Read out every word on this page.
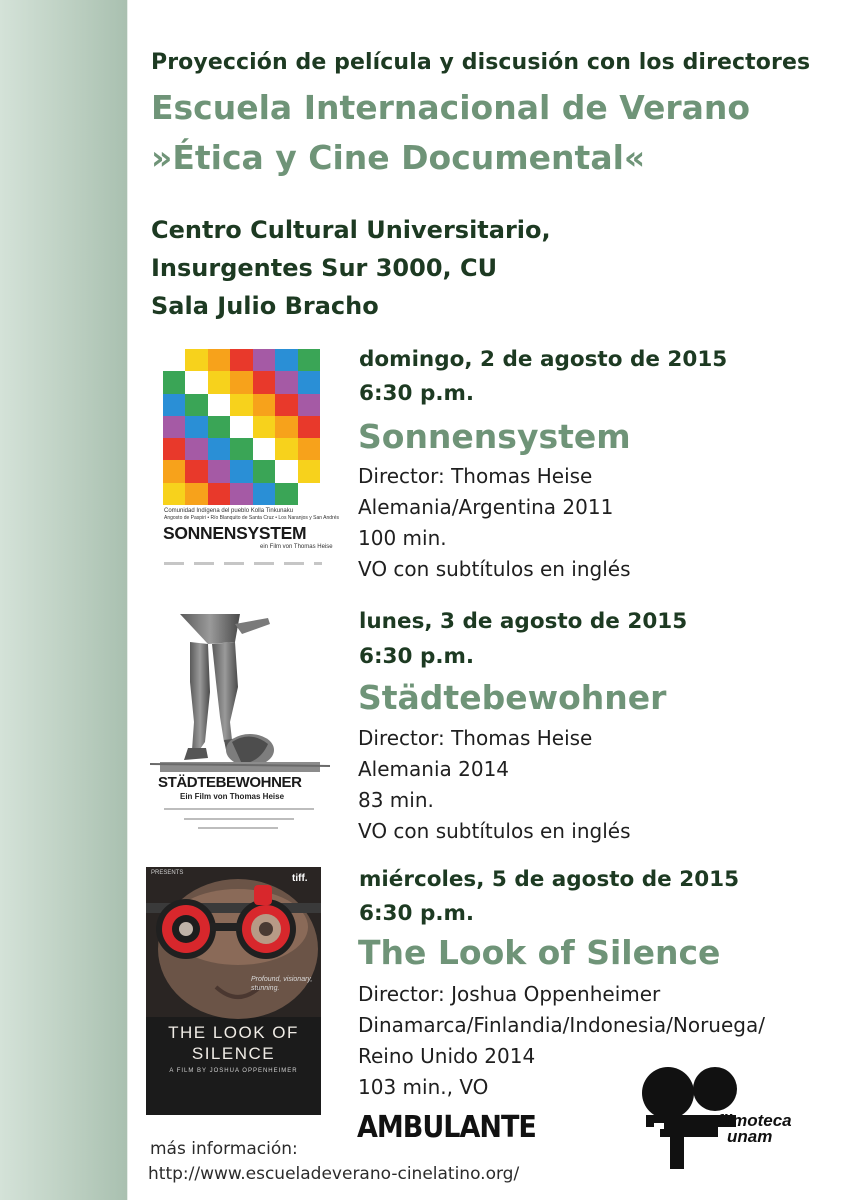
Proyección de película y discusión con los directores
Escuela Internacional de Verano
»Ética y Cine Documental«
Centro Cultural Universitario,
Insurgentes Sur 3000, CU
Sala Julio Bracho
Comunidad Indígena del pueblo Kolla Tinkunaku
Angosto de Paspiri • Río Blanquito de Santa Cruz • Los Naranjos y San Andrés
SONNENSYSTEM
ein Film von Thomas Heise
domingo, 2 de agosto de 2015
6:30 p.m.
Sonnensystem
Director: Thomas Heise
Alemania/Argentina 2011
100 min.
VO con subtítulos en inglés
STÄDTEBEWOHNER
Ein Film von Thomas Heise
lunes, 3 de agosto de 2015
6:30 p.m.
Städtebewohner
Director: Thomas Heise
Alemania 2014
83 min.
VO con subtítulos en inglés
PRESENTS	tiff.
Profound, visionary, stunning.
THE LOOK OF
SILENCE
A FILM BY JOSHUA OPPENHEIMER
miércoles, 5 de agosto de 2015
6:30 p.m.
The Look of Silence
Director: Joshua Oppenheimer
Dinamarca/Finlandia/Indonesia/Noruega/
Reino Unido 2014
103 min., VO
AMBULANTE	filmoteca
unam
más información:
http://www.escueladeverano-cinelatino.org/
